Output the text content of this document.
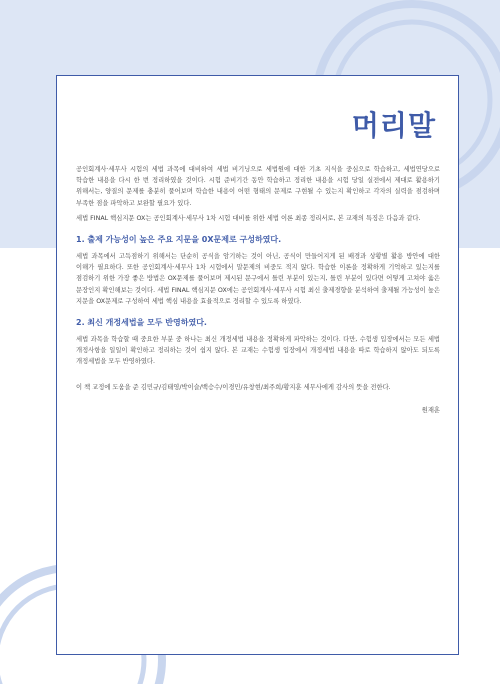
머리말

공인회계사·세무사 시험의 세법 과목에 대비하여 세법 비기닝으로 세법원에 대한 기초 지식을 중심으로 학습하고, 세법연당으로 학습한 내용을 다시 한 번 정리하였을 것이다. 시험 준비기간 동안 학습하고 정리한 내용을 시험 당일 실전에서 제대로 활용하기 위해서는, 양질의 문제를 충분히 풀어보며 학습한 내용이 어떤 형태의 문제로 구현될 수 있는지 확인하고 각자의 실력을 점검하며 부족한 점을 파악하고 보완할 필요가 있다.

세법 FINAL 핵심지문 OX는 공인회계사·세무사 1차 시험 대비를 위한 세법 이론 최종 정리서로, 본 교재의 특징은 다음과 같다.

1. 출제 가능성이 높은 주요 지문을 0X문제로 구성하였다.

세법 과목에서 고득점하기 위해서는 단순히 공식을 암기하는 것이 아닌, 공식이 만들어지게 된 배경과 상황별 활용 방안에 대한 이해가 필요하다. 또한 공인회계사·세무사 1차 시험에서 말문제의 비중도 적지 않다. 학습한 이론을 정확하게 기억하고 있는지를 점검하기 위한 가장 좋은 방법은 OX문제를 풀어보며 제시된 문구에서 틀린 부분이 있는지, 틀린 부분이 있다면 어떻게 고쳐야 옳은 문장인지 확인해보는 것이다. 세법 FINAL 핵심지문 OX에는 공인회계사·세무사 시험 최신 출제경향을 분석하여 출제될 가능성이 높은 지문을 OX문제로 구성하여 세법 핵심 내용을 효율적으로 정리할 수 있도록 하였다.

2. 최신 개정세법을 모두 반영하였다.

세법 과목을 학습할 때 중요한 부분 중 하나는 최신 개정세법 내용을 정확하게 파악하는 것이다. 다만, 수험생 입장에서는 모든 세법 개정사항을 일일이 확인하고 정리하는 것이 쉽지 않다. 본 교재는 수험생 입장에서 개정세법 내용을 따로 학습하지 않아도 되도록 개정세법을 모두 반영하였다.

이 책 교정에 도움을 준 김민규/김태영/박이슬/백승수/이경민/유창현/최주희/황지훈 세무사에게 감사의 뜻을 전한다.

원재훈
